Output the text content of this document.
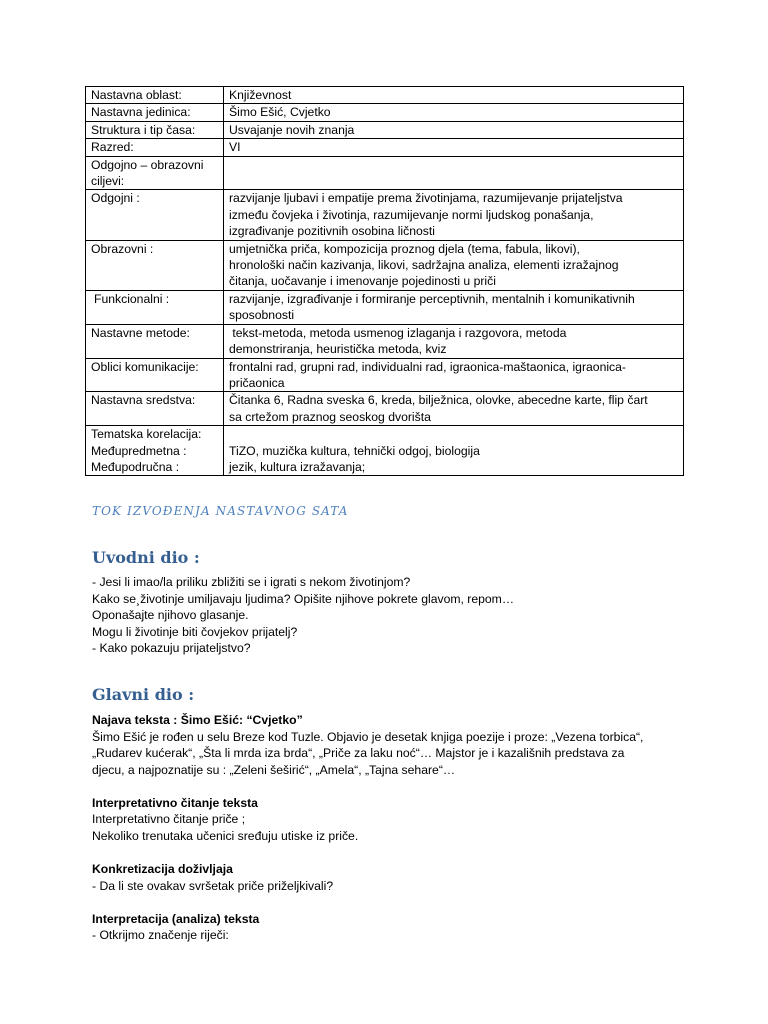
Nastavna oblast:	Književnost

Nastavna jedinica:	Šimo Ešić, Cvjetko

Struktura i tip časa:	Usvajanje novih znanja

Razred:	VI

Odgojno – obrazovni
ciljevi:	

Odgojni :	razvijanje ljubavi i empatije prema životinjama, razumijevanje prijateljstva
između čovjeka i životinja, razumijevanje normi ljudskog ponašanja,
izgrađivanje pozitivnih osobina ličnosti

Obrazovni :	umjetnička priča, kompozicija proznog djela (tema, fabula, likovi),
hronološki način kazivanja, likovi, sadržajna analiza, elementi izražajnog
čitanja, uočavanje i imenovanje pojedinosti u priči

Funkcionalni :	razvijanje, izgrađivanje i formiranje perceptivnih, mentalnih i komunikativnih
sposobnosti

Nastavne metode:	tekst-metoda, metoda usmenog izlaganja i razgovora, metoda
demonstriranja, heuristička metoda, kviz

Oblici komunikacije:	frontalni rad, grupni rad, individualni rad, igraonica-maštaonica, igraonica-
pričaonica

Nastavna sredstva:	Čitanka 6, Radna sveska 6, kreda, bilježnica, olovke, abecedne karte, flip čart
sa crtežom praznog seoskog dvorišta

Tematska korelacija:
Međupredmetna :
Međupodručna :	TiZO, muzička kultura, tehnički odgoj, biologija
jezik, kultura izražavanja;

TOK IZVOĐENJA NASTAVNOG SATA

Uvodni dio :
- Jesi li imao/la priliku zbližiti se i igrati s nekom životinjom?
Kako se¸životinje umiljavaju ljudima? Opišite njihove pokrete glavom, repom…
Oponašajte njihovo glasanje.
Mogu li životinje biti čovjekov prijatelj?
- Kako pokazuju prijateljstvo?
Glavni dio :
Najava teksta : Šimo Ešić: “Cvjetko”
Šimo Ešić je rođen u selu Breze kod Tuzle. Objavio je desetak knjiga poezije i proze: „Vezena torbica“,
„Rudarev kućerak“, „Šta li mrda iza brda“, „Priče za laku noć“… Majstor je i kazališnih predstava za
djecu, a najpoznatije su : „Zeleni šeširić“, „Amela“, „Tajna sehare“…
Interpretativno čitanje teksta
Interpretativno čitanje priče ;
Nekoliko trenutaka učenici sređuju utiske iz priče.
Konkretizacija doživljaja
- Da li ste ovakav svršetak priče priželjkivali?
Interpretacija (analiza) teksta
- Otkrijmo značenje riječi:
